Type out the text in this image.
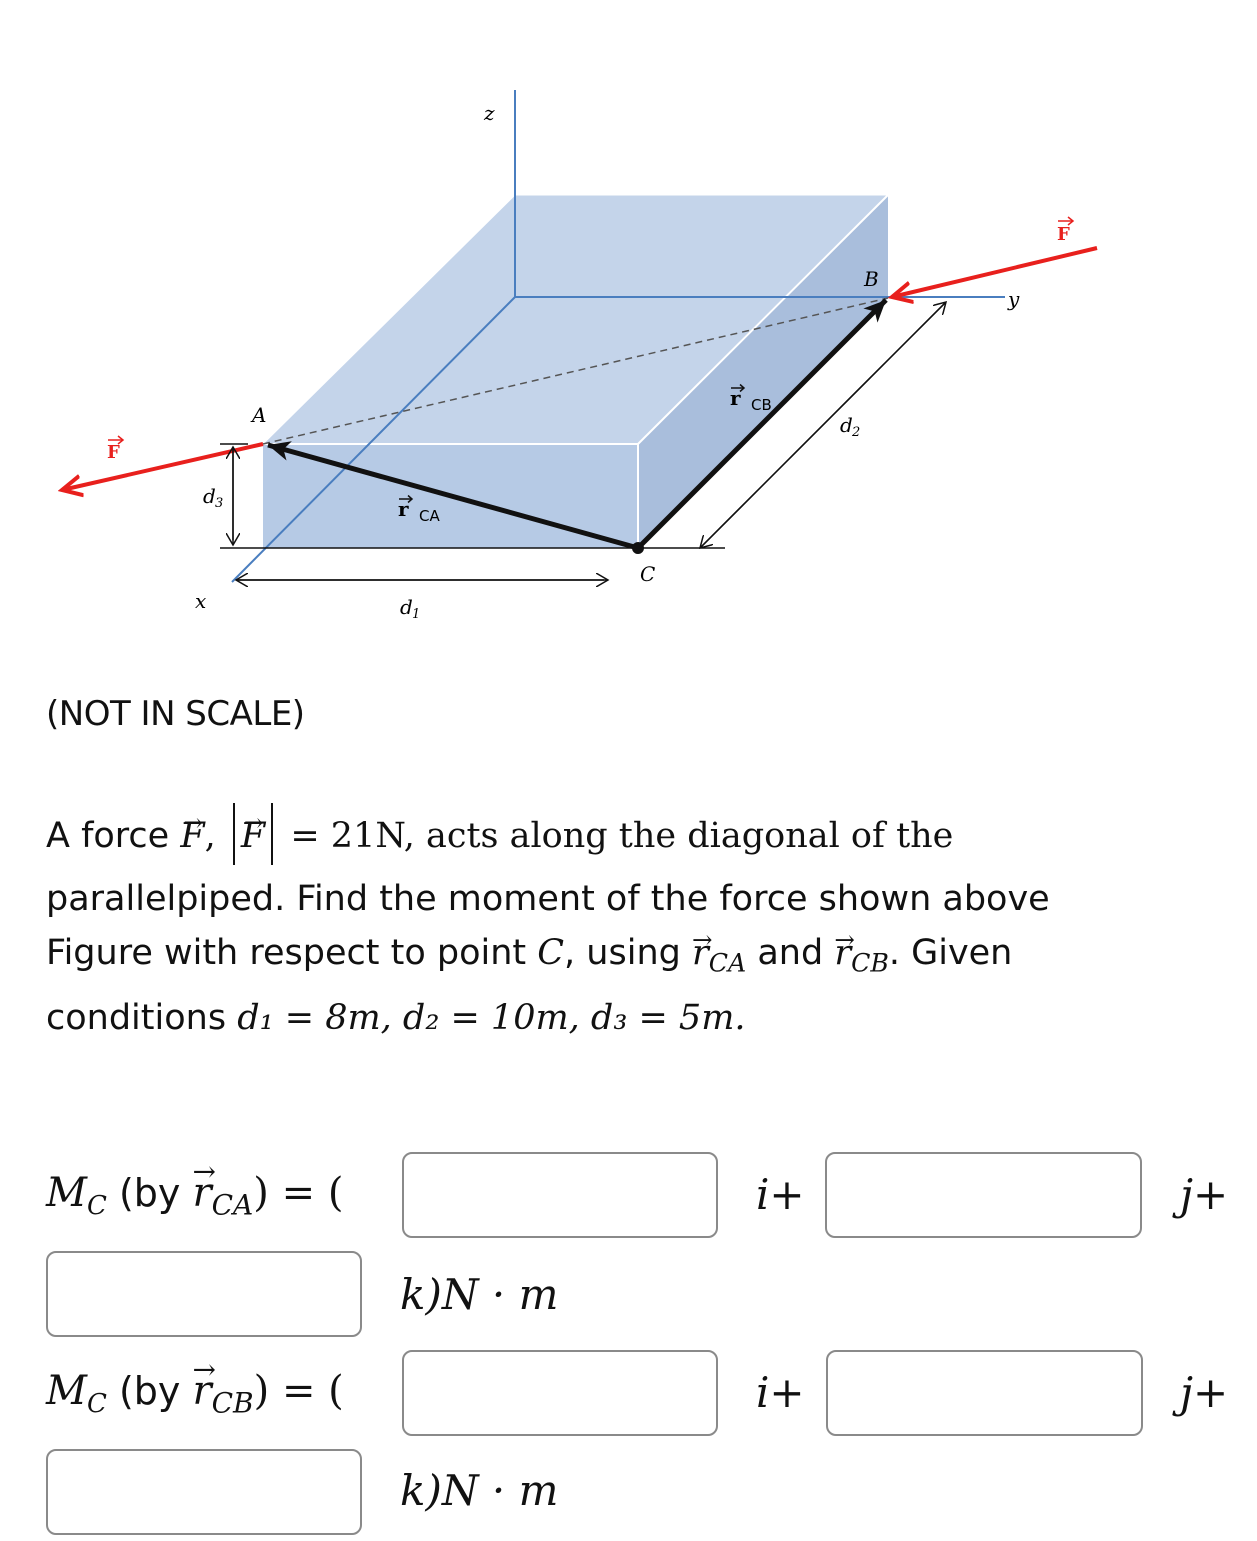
z
y
x
A
B
C
F
F
r CA
r CB
d 1
d 2
d 3
(NOT IN SCALE)
A force → F, → F = 21N, acts along the diagonal of the
parallelpiped. Find the moment of the force shown above
Figure with respect to point C, $using \to r_{CA}$ and → $r_{CB}$. Given
conditions d₁ = 8m, d₂ = 10m, d₃ = 5m.
$M_C$ $(by \to r_{CA})$ = (	i+	j+
k)N · m
$M_C$ $(by \to r_{CB})$ = (	i+	j+
k)N · m
